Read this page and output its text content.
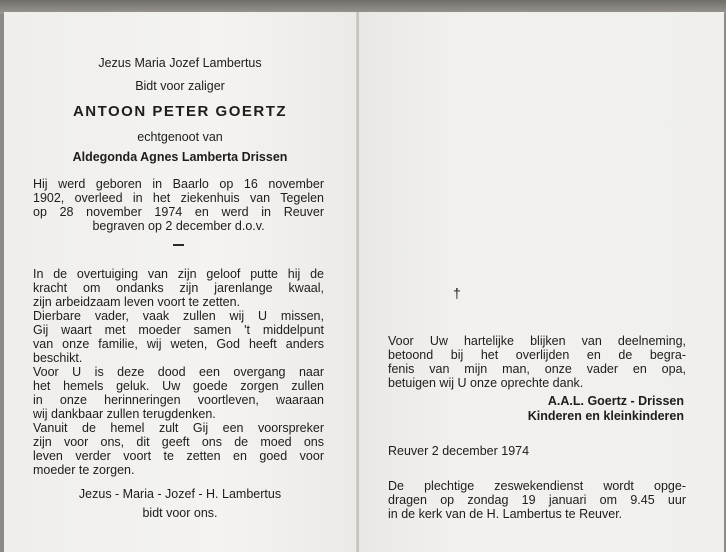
Jezus Maria Jozef Lambertus
Bidt voor zaliger
ANTOON PETER GOERTZ
echtgenoot van
Aldegonda Agnes Lamberta Drissen
Hij werd geboren in Baarlo op 16 november
1902, overleed in het ziekenhuis van Tegelen
op 28 november 1974 en werd in Reuver
begraven op 2 december d.o.v.
In de overtuiging van zijn geloof putte hij de
kracht om ondanks zijn jarenlange kwaal,
zijn arbeidzaam leven voort te zetten.
Dierbare vader, vaak zullen wij U missen,
Gij waart met moeder samen 't middelpunt
van onze familie, wij weten, God heeft anders
beschikt.
Voor U is deze dood een overgang naar
het hemels geluk. Uw goede zorgen zullen
in onze herinneringen voortleven, waaraan
wij dankbaar zullen terugdenken.
Vanuit de hemel zult Gij een voorspreker
zijn voor ons, dit geeft ons de moed ons
leven verder voort te zetten en goed voor
moeder te zorgen.
Jezus - Maria - Jozef - H. Lambertus
bidt voor ons.
†
Voor Uw hartelijke blijken van deelneming,
betoond bij het overlijden en de begra-
fenis van mijn man, onze vader en opa,
betuigen wij U onze oprechte dank.
A.A.L. Goertz - Drissen
Kinderen en kleinkinderen
Reuver 2 december 1974
De plechtige zeswekendienst wordt opge-
dragen op zondag 19 januari om 9.45 uur
in de kerk van de H. Lambertus te Reuver.
